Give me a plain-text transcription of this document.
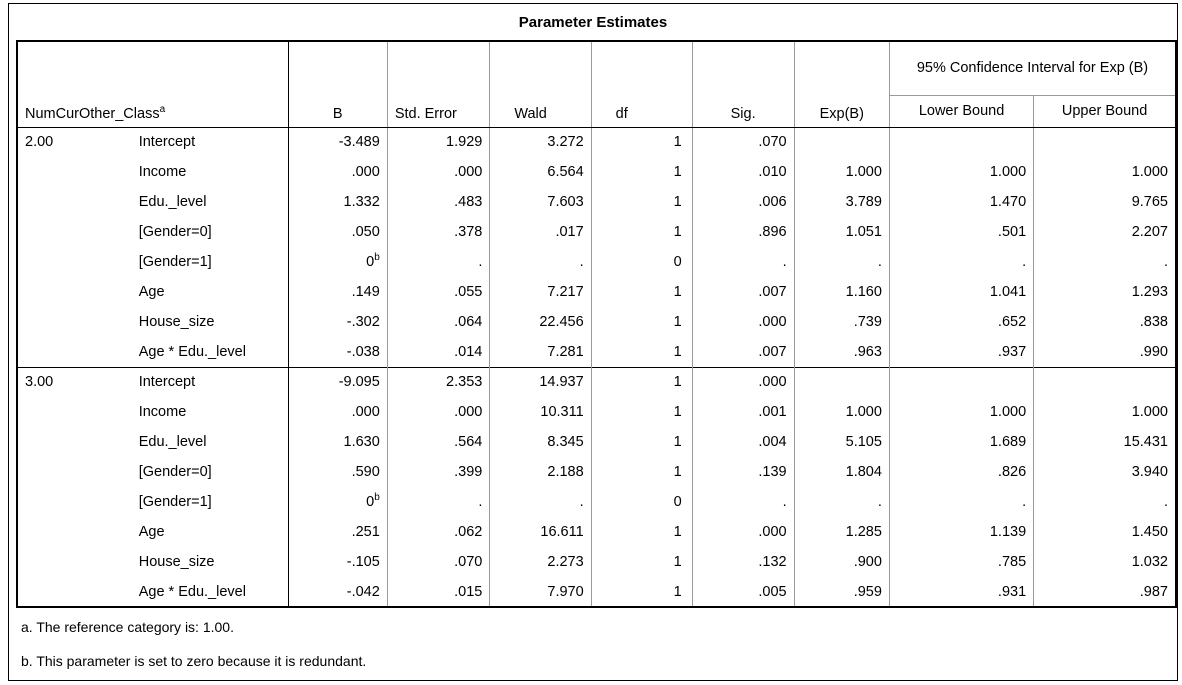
Parameter Estimates
NumCurOther_Class$^a$		B	Std. Error	Wald	df	Sig.	Exp(B)	95% Confidence Interval for Exp (B)	
								Lower Bound	Upper Bound
2.00	Intercept	-3.489	1.929	3.272	1	.070			
	Income	.000	.000	6.564	1	.010	1.000	1.000	1.000
	Edu._level	1.332	.483	7.603	1	.006	3.789	1.470	9.765
	[Gender=0]	.050	.378	.017	1	.896	1.051	.501	2.207
	[Gender=1]	0$^b$	.	.	0	.	.	.	.
	Age	.149	.055	7.217	1	.007	1.160	1.041	1.293
	House_size	-.302	.064	22.456	1	.000	.739	.652	.838
	Age * Edu._level	-.038	.014	7.281	1	.007	.963	.937	.990
3.00	Intercept	-9.095	2.353	14.937	1	.000			
	Income	.000	.000	10.311	1	.001	1.000	1.000	1.000
	Edu._level	1.630	.564	8.345	1	.004	5.105	1.689	15.431
	[Gender=0]	.590	.399	2.188	1	.139	1.804	.826	3.940
	[Gender=1]	0$^b$	.	.	0	.	.	.	.
	Age	.251	.062	16.611	1	.000	1.285	1.139	1.450
	House_size	-.105	.070	2.273	1	.132	.900	.785	1.032
	Age * Edu._level	-.042	.015	7.970	1	.005	.959	.931	.987
a. The reference category is: 1.00.
b. This parameter is set to zero because it is redundant.
